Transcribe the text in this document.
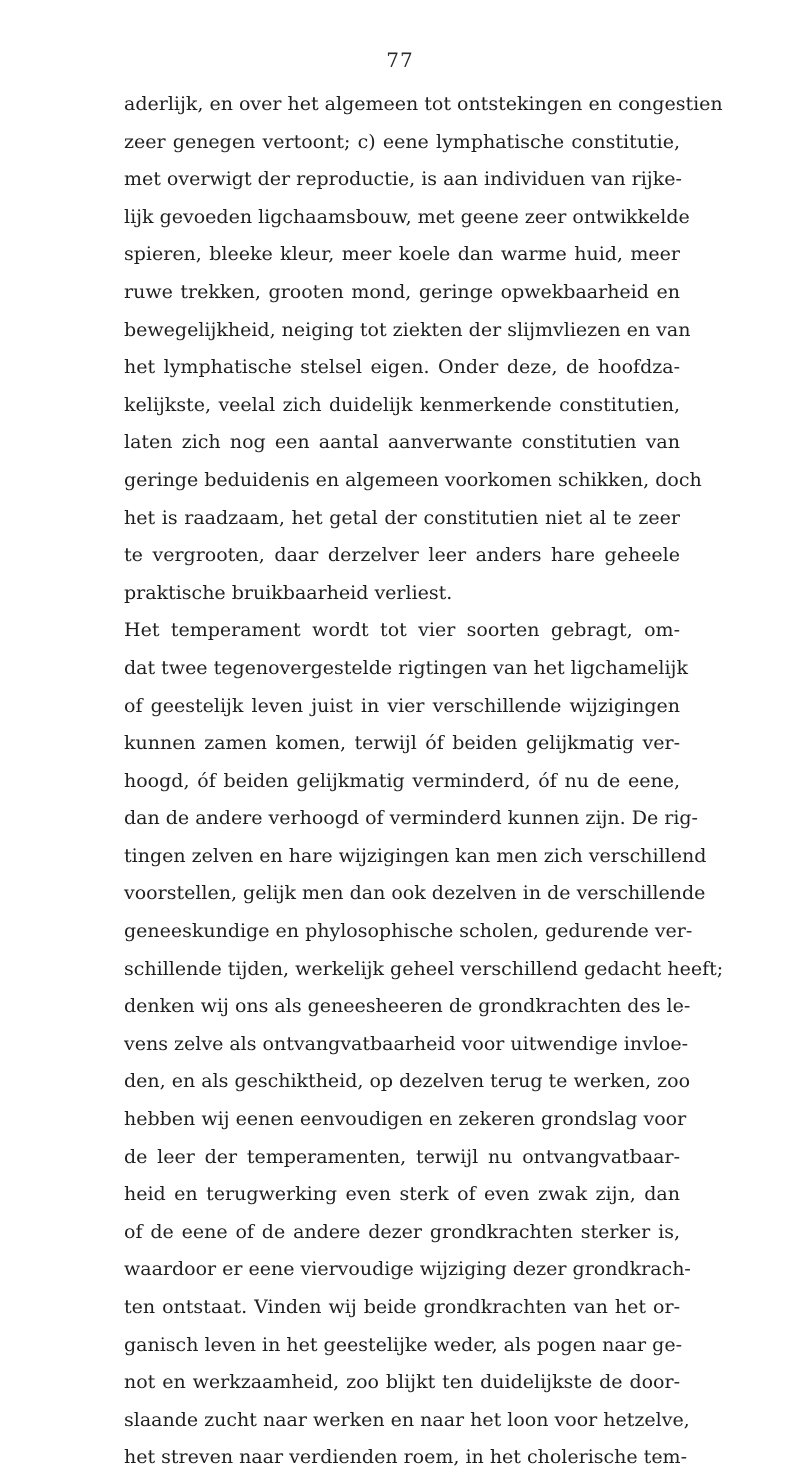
77
aderlijk, en over het algemeen tot ontstekingen en congestien
zeer genegen vertoont; c) eene lymphatische constitutie,
met overwigt der reproductie, is aan individuen van rijke-
lijk gevoeden ligchaamsbouw, met geene zeer ontwikkelde
spieren, bleeke kleur, meer koele dan warme huid, meer
ruwe trekken, grooten mond, geringe opwekbaarheid en
bewegelijkheid, neiging tot ziekten der slijmvliezen en van
het lymphatische stelsel eigen. Onder deze, de hoofdza-
kelijkste, veelal zich duidelijk kenmerkende constitutien,
laten zich nog een aantal aanverwante constitutien van
geringe beduidenis en algemeen voorkomen schikken, doch
het is raadzaam, het getal der constitutien niet al te zeer
te vergrooten, daar derzelver leer anders hare geheele
praktische bruikbaarheid verliest.
Het temperament wordt tot vier soorten gebragt, om-
dat twee tegenovergestelde rigtingen van het ligchamelijk
of geestelijk leven juist in vier verschillende wijzigingen
kunnen zamen komen, terwijl óf beiden gelijkmatig ver-
hoogd, óf beiden gelijkmatig verminderd, óf nu de eene,
dan de andere verhoogd of verminderd kunnen zijn. De rig-
tingen zelven en hare wijzigingen kan men zich verschillend
voorstellen, gelijk men dan ook dezelven in de verschillende
geneeskundige en phylosophische scholen, gedurende ver-
schillende tijden, werkelijk geheel verschillend gedacht heeft;
denken wij ons als geneesheeren de grondkrachten des le-
vens zelve als ontvangvatbaarheid voor uitwendige invloe-
den, en als geschiktheid, op dezelven terug te werken, zoo
hebben wij eenen eenvoudigen en zekeren grondslag voor
de leer der temperamenten, terwijl nu ontvangvatbaar-
heid en terugwerking even sterk of even zwak zijn, dan
of de eene of de andere dezer grondkrachten sterker is,
waardoor er eene viervoudige wijziging dezer grondkrach-
ten ontstaat. Vinden wij beide grondkrachten van het or-
ganisch leven in het geestelijke weder, als pogen naar ge-
not en werkzaamheid, zoo blijkt ten duidelijkste de door-
slaande zucht naar werken en naar het loon voor hetzelve,
het streven naar verdienden roem, in het cholerische tem-
